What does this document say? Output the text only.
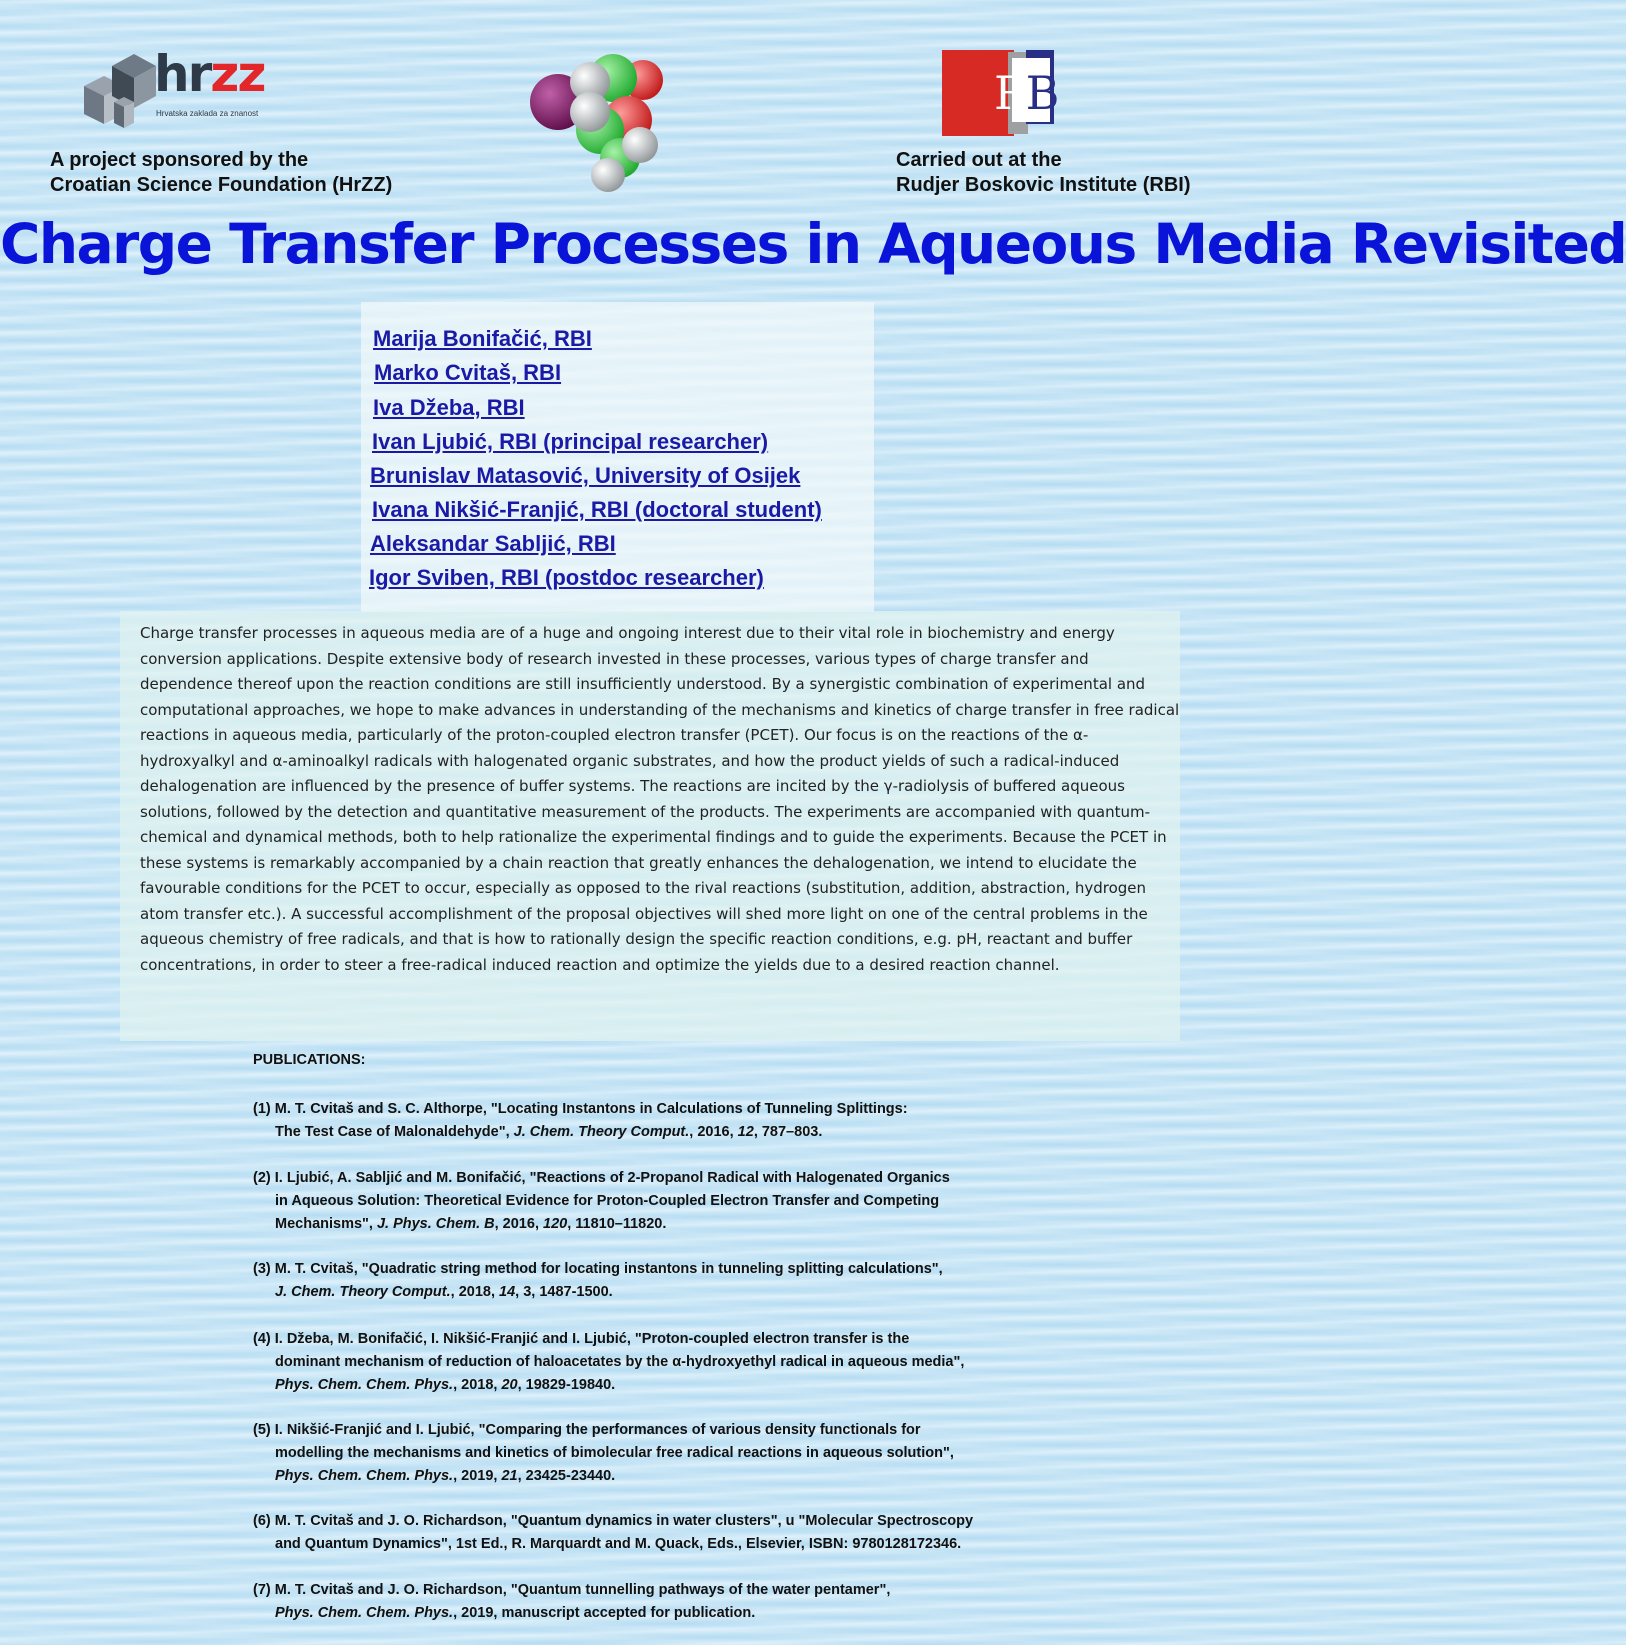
hrzz
Hrvatska zaklada za znanost	RB
A project sponsored by the
Croatian Science Foundation (HrZZ)
Carried out at the
Rudjer Boskovic Institute (RBI)
Charge Transfer Processes in Aqueous Media Revisited
Marija Bonifačić, RBI
Marko Cvitaš, RBI
Iva Džeba, RBI
Ivan Ljubić, RBI (principal researcher)
Brunislav Matasović, University of Osijek
Ivana Nikšić-Franjić, RBI (doctoral student)
Aleksandar Sabljić, RBI
Igor Sviben, RBI (postdoc researcher)

Charge transfer processes in aqueous media are of a huge and ongoing interest due to their vital role in biochemistry and energy conversion applications. Despite extensive body of research invested in these processes, various types of charge transfer and dependence thereof upon the reaction conditions are still insufficiently understood. By a synergistic combination of experimental and computational approaches, we hope to make advances in understanding of the mechanisms and kinetics of charge transfer in free radical reactions in aqueous media, particularly of the proton-coupled electron transfer (PCET). Our focus is on the reactions of the α-hydroxyalkyl and α-aminoalkyl radicals with halogenated organic substrates, and how the product yields of such a radical-induced dehalogenation are influenced by the presence of buffer systems. The reactions are incited by the γ-radiolysis of buffered aqueous solutions, followed by the detection and quantitative measurement of the products. The experiments are accompanied with quantum-chemical and dynamical methods, both to help rationalize the experimental findings and to guide the experiments. Because the PCET in these systems is remarkably accompanied by a chain reaction that greatly enhances the dehalogenation, we intend to elucidate the favourable conditions for the PCET to occur, especially as opposed to the rival reactions (substitution, addition, abstraction, hydrogen atom transfer etc.). A successful accomplishment of the proposal objectives will shed more light on one of the central problems in the aqueous chemistry of free radicals, and that is how to rationally design the specific reaction conditions, e.g. pH, reactant and buffer concentrations, in order to steer a free-radical induced reaction and optimize the yields due to a desired reaction channel.

PUBLICATIONS:
(1) M. T. Cvitaš and S. C. Althorpe, "Locating Instantons in Calculations of Tunneling Splittings:
The Test Case of Malonaldehyde", J. Chem. Theory Comput., 2016, 12, 787–803.
(2) I. Ljubić, A. Sabljić and M. Bonifačić, "Reactions of 2-Propanol Radical with Halogenated Organics
in Aqueous Solution: Theoretical Evidence for Proton-Coupled Electron Transfer and Competing
Mechanisms", J. Phys. Chem. B, 2016, 120, 11810–11820.
(3) M. T. Cvitaš, "Quadratic string method for locating instantons in tunneling splitting calculations",
J. Chem. Theory Comput., 2018, 14, 3, 1487-1500.
(4) I. Džeba, M. Bonifačić, I. Nikšić-Franjić and I. Ljubić, "Proton-coupled electron transfer is the
dominant mechanism of reduction of haloacetates by the α-hydroxyethyl radical in aqueous media",
Phys. Chem. Chem. Phys., 2018, 20, 19829-19840.
(5) I. Nikšić-Franjić and I. Ljubić, "Comparing the performances of various density functionals for
modelling the mechanisms and kinetics of bimolecular free radical reactions in aqueous solution",
Phys. Chem. Chem. Phys., 2019, 21, 23425-23440.
(6) M. T. Cvitaš and J. O. Richardson, "Quantum dynamics in water clusters", u "Molecular Spectroscopy
and Quantum Dynamics", 1st Ed., R. Marquardt and M. Quack, Eds., Elsevier, ISBN: 9780128172346.
(7) M. T. Cvitaš and J. O. Richardson, "Quantum tunnelling pathways of the water pentamer",
Phys. Chem. Chem. Phys., 2019, manuscript accepted for publication.
